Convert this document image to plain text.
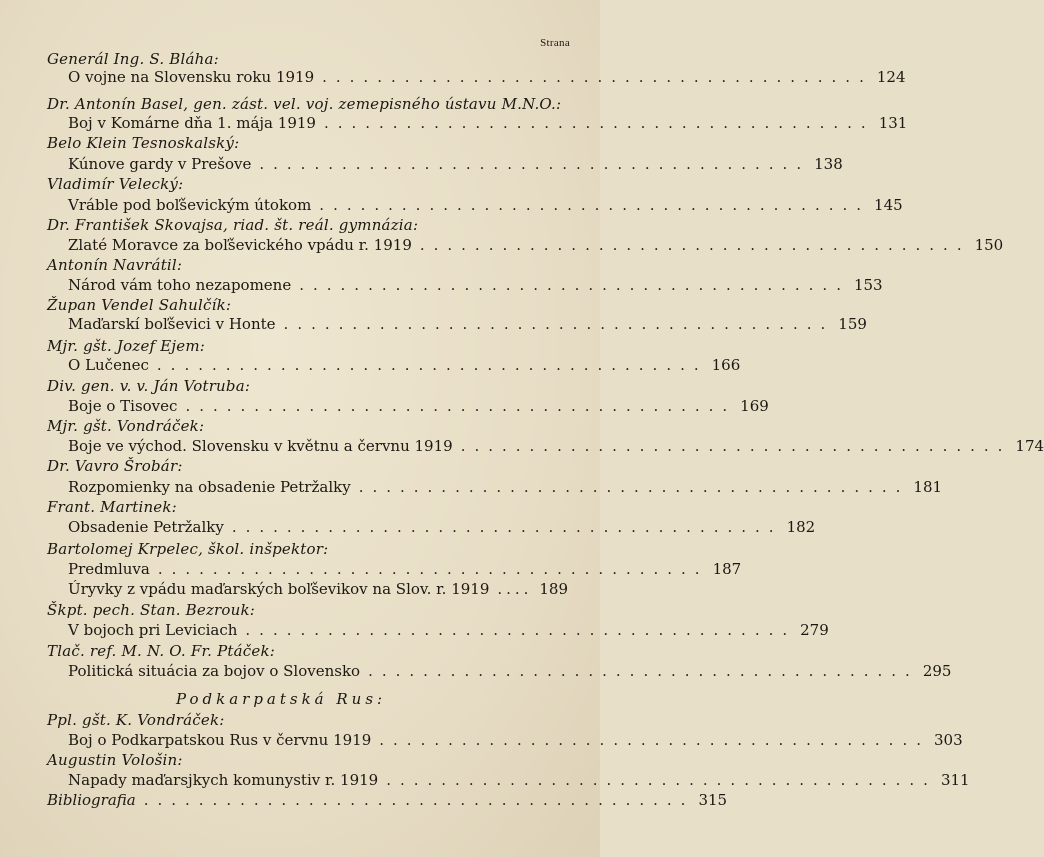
Strana
Generál Ing. S. Bláha:
O vojne na Slovensku roku 1919 ........................................ 124
Dr. Antonín Basel, gen. zást. vel. voj. zemepisného ústavu M.N.O.:
Boj v Komárne dňa 1. mája 1919 ........................................ 131
Belo Klein Tesnoskalský:
Kúnove gardy v Prešove ........................................ 138
Vladimír Velecký:
Vráble pod boľševickým útokom ........................................ 145
Dr. František Skovajsa, riad. št. reál. gymnázia:
Zlaté Moravce za boľševického vpádu r. 1919 ........................................ 150
Antonín Navrátil:
Národ vám toho nezapomene ........................................ 153
Župan Vendel Sahulčík:
Maďarskí boľševici v Honte ........................................ 159
Mjr. gšt. Jozef Ejem:
O Lučenec ........................................ 166
Div. gen. v. v. Ján Votruba:
Boje o Tisovec ........................................ 169
Mjr. gšt. Vondráček:
Boje ve východ. Slovensku v květnu a červnu 1919 ........................................ 174
Dr. Vavro Šrobár:
Rozpomienky na obsadenie Petržalky ........................................ 181
Frant. Martinek:
Obsadenie Petržalky ........................................ 182
Bartolomej Krpelec, škol. inšpektor:
Predmluva ........................................ 187
Úryvky z vpádu maďarských boľševikov na Slov. r. 1919 .... 189
Škpt. pech. Stan. Bezrouk:
V bojoch pri Leviciach ........................................ 279
Tlač. ref. M. N. O. Fr. Ptáček:
Politická situácia za bojov o Slovensko ........................................ 295
Podkarpatská Rus:
Ppl. gšt. K. Vondráček:
Boj o Podkarpatskou Rus v červnu 1919 ........................................ 303
Augustin Vološin:
Napady maďarsjkych komunystiv r. 1919 ........................................ 311
Bibliografia ........................................ 315
